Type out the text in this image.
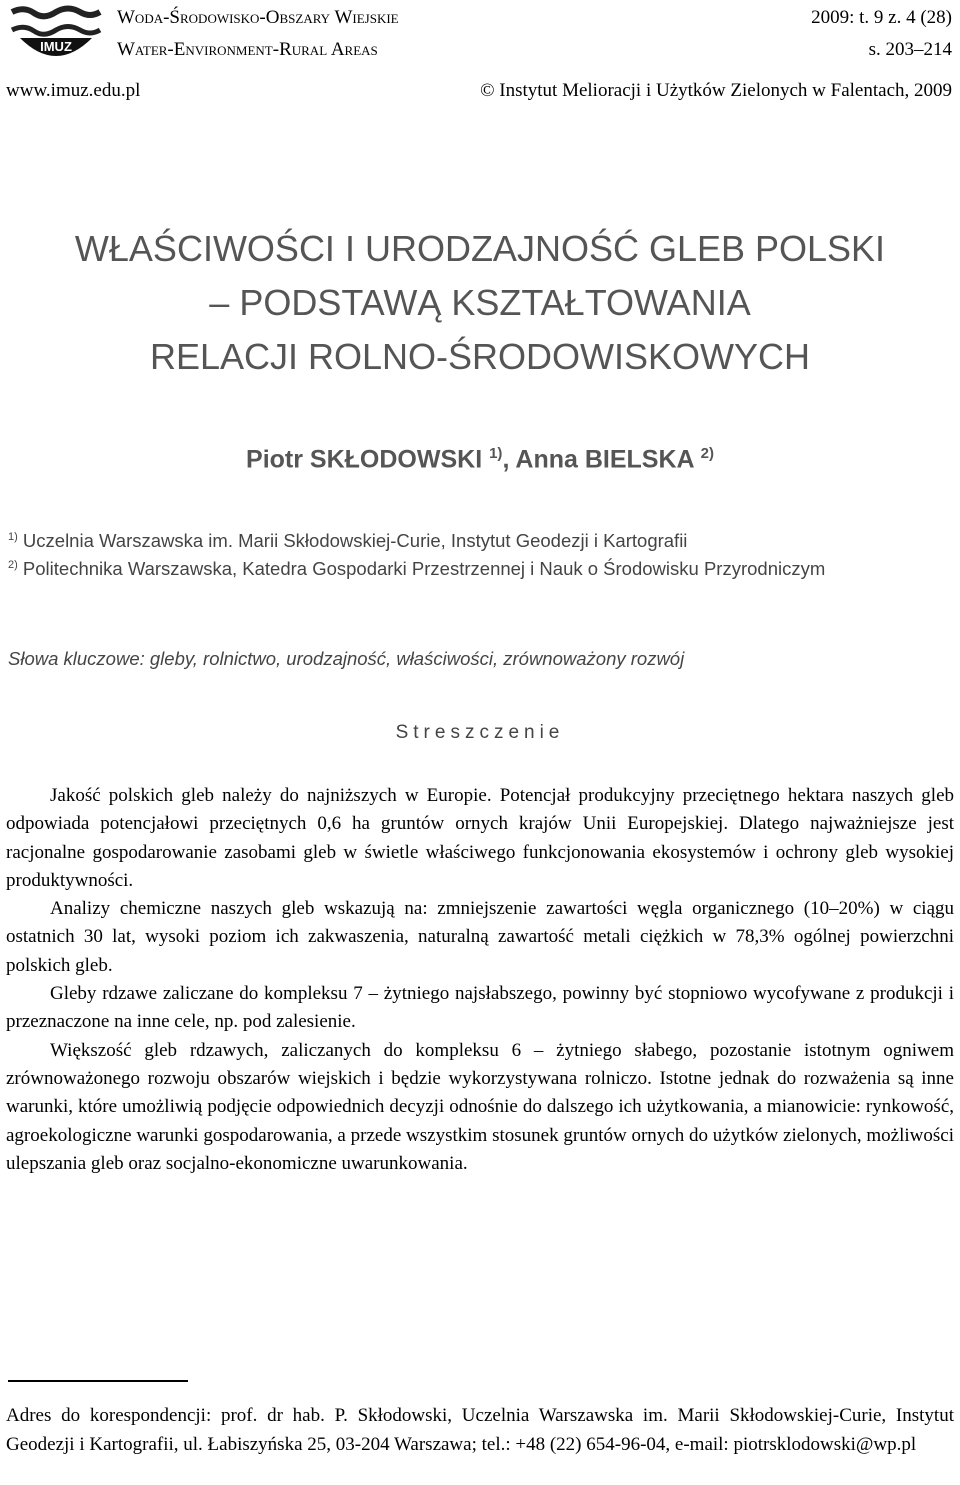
IMUZ
Woda-Środowisko-Obszary Wiejskie
Water-Environment-Rural Areas
2009: t. 9 z. 4 (28)
s. 203–214
www.imuz.edu.pl	© Instytut Melioracji i Użytków Zielonych w Falentach, 2009
WŁAŚCIWOŚCI I URODZAJNOŚĆ GLEB POLSKI
– PODSTAWĄ KSZTAŁTOWANIA
RELACJI ROLNO-ŚRODOWISKOWYCH
Piotr SKŁODOWSKI $^{1)}$, Anna BIELSKA $^{2)}$
$^{1)}$ Uczelnia Warszawska im. Marii Skłodowskiej-Curie, Instytut Geodezji i Kartografii
$^{2)}$ Politechnika Warszawska, Katedra Gospodarki Przestrzennej i Nauk o Środowisku Przyrodniczym
Słowa kluczowe: gleby, rolnictwo, urodzajność, właściwości, zrównoważony rozwój
Streszczenie

Jakość polskich gleb należy do najniższych w Europie. Potencjał produkcyjny przeciętnego hektara naszych gleb odpowiada potencjałowi przeciętnych 0,6 ha gruntów ornych krajów Unii Europejskiej. Dlatego najważniejsze jest racjonalne gospodarowanie zasobami gleb w świetle właściwego funkcjonowania ekosystemów i ochrony gleb wysokiej produktywności.

Analizy chemiczne naszych gleb wskazują na: zmniejszenie zawartości węgla organicznego (10–20%) w ciągu ostatnich 30 lat, wysoki poziom ich zakwaszenia, naturalną zawartość metali ciężkich w 78,3% ogólnej powierzchni polskich gleb.

Gleby rdzawe zaliczane do kompleksu 7 – żytniego najsłabszego, powinny być stopniowo wycofywane z produkcji i przeznaczone na inne cele, np. pod zalesienie.

Większość gleb rdzawych, zaliczanych do kompleksu 6 – żytniego słabego, pozostanie istotnym ogniwem zrównoważonego rozwoju obszarów wiejskich i będzie wykorzystywana rolniczo. Istotne jednak do rozważenia są inne warunki, które umożliwią podjęcie odpowiednich decyzji odnośnie do dalszego ich użytkowania, a mianowicie: rynkowość, agroekologiczne warunki gospodarowania, a przede wszystkim stosunek gruntów ornych do użytków zielonych, możliwości ulepszania gleb oraz socjalno-ekonomiczne uwarunkowania.

Adres do korespondencji: prof. dr hab. P. Skłodowski, Uczelnia Warszawska im. Marii Skłodowskiej-Curie, Instytut Geodezji i Kartografii, ul. Łabiszyńska 25, 03-204 Warszawa; tel.: +48 (22) 654-96-04, e-mail: piotrsklodowski@wp.pl
